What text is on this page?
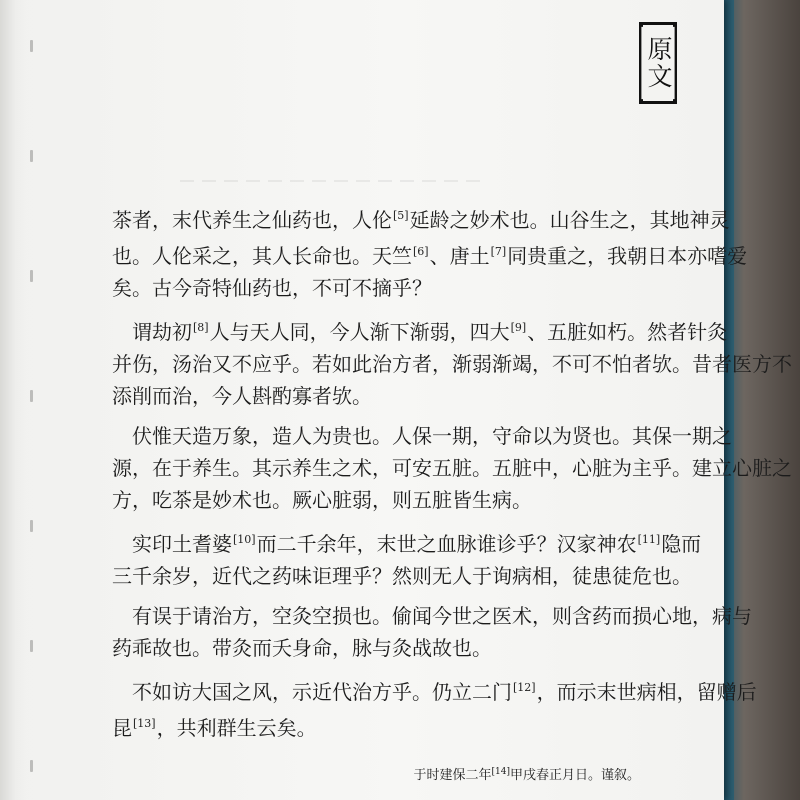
原文

茶者，末代养生之仙药也，人伦[5]延龄之妙术也。山谷生之，其地神灵
也。人伦采之，其人长命也。天竺[6]、唐土[7]同贵重之，我朝日本亦嗜爱
矣。古今奇特仙药也，不可不摘乎？

　谓劫初[8]人与天人同，今人渐下渐弱，四大[9]、五脏如朽。然者针灸
并伤，汤治又不应乎。若如此治方者，渐弱渐竭，不可不怕者欤。昔者医方不
添削而治，今人斟酌寡者欤。

　伏惟天造万象，造人为贵也。人保一期，守命以为贤也。其保一期之
源，在于养生。其示养生之术，可安五脏。五脏中，心脏为主乎。建立心脏之
方，吃茶是妙术也。厥心脏弱，则五脏皆生病。

　实印土耆婆[10]而二千余年，末世之血脉谁诊乎？汉家神农[11]隐而
三千余岁，近代之药味讵理乎？然则无人于询病相，徒患徒危也。

　有误于请治方，空灸空损也。偷闻今世之医术，则含药而损心地，病与
药乖故也。带灸而夭身命，脉与灸战故也。

　不如访大国之风，示近代治方乎。仍立二门[12]，而示末世病相，留赠后
昆[13]，共利群生云矣。

于时建保二年[14]甲戌春正月日。谨叙。
